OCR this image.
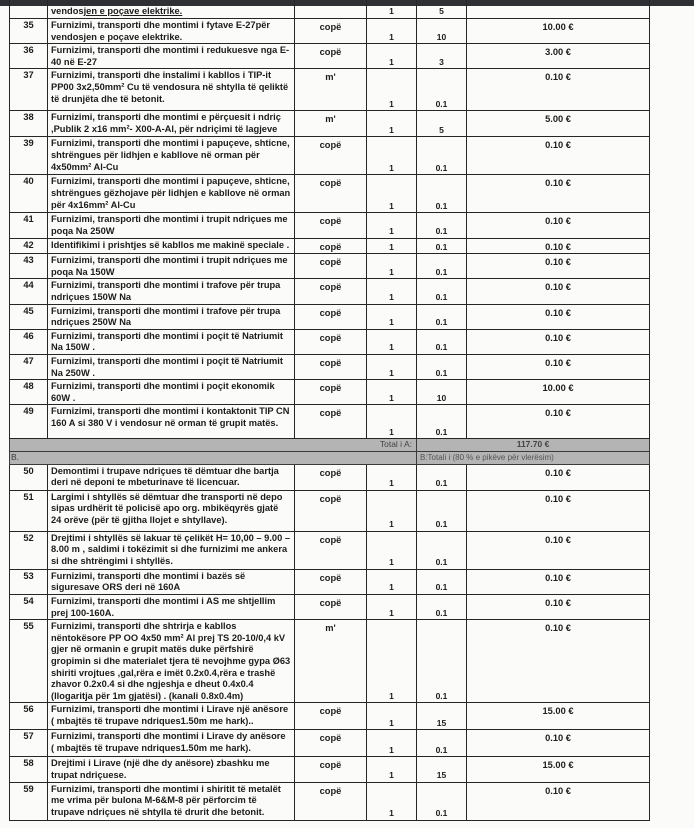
	vendosjen e poçave elektrike.		1	5	
35	Furnizimi, transporti dhe montimi i fytave E-27për vendosjen e poçave elektrike.	copë	1	10	10.00 €
36	Furnizimi, transporti dhe montimi i redukuesve nga E-40 në E-27	copë	1	3	3.00 €
37	Furnizimi, transporti dhe instalimi i kabllos i TIP-it PP00 3x2,50mm² Cu të vendosura në shtylla të qeliktë të drunjëta dhe të betonit.	m'	1	0.1	0.10 €
38	Furnizimi, transporti dhe montimi e përçuesit i ndriç ,Publik 2 x16 mm²- X00-A-Al, për ndriçimi të lagjeve	m'	1	5	5.00 €
39	Furnizimi, transporti dhe montimi i papuçeve, shticne, shtrëngues për lidhjen e kabllove në orman për 4x50mm² Al-Cu	copë	1	0.1	0.10 €
40	Furnizimi, transporti dhe montimi i papuçeve, shticne, shtrëngues gëzhojave për lidhjen e kabllove në orman për 4x16mm² Al-Cu	copë	1	0.1	0.10 €
41	Furnizimi, transporti dhe montimi i trupit ndriçues me poqa Na 250W	copë	1	0.1	0.10 €
42	Identifikimi i prishtjes së kabllos me makinë speciale .	copë	1	0.1	0.10 €
43	Furnizimi, transporti dhe montimi i trupit ndriçues me poqa Na 150W	copë	1	0.1	0.10 €
44	Furnizimi, transporti dhe montimi i trafove për trupa ndriçues 150W Na	copë	1	0.1	0.10 €
45	Furnizimi, transporti dhe montimi i trafove për trupa ndriçues 250W Na	copë	1	0.1	0.10 €
46	Furnizimi, transporti dhe montimi i poçit të Natriumit Na 150W .	copë	1	0.1	0.10 €
47	Furnizimi, transporti dhe montimi i poçit të Natriumit Na 250W .	copë	1	0.1	0.10 €
48	Furnizimi, transporti dhe montimi i poçit ekonomik 60W .	copë	1	10	10.00 €
49	Furnizimi, transporti dhe montimi i kontaktonit TIP CN 160 A si 380 V i vendosur në orman të grupit matës.	copë	1	0.1	0.10 €
Total i A:				117.70 €	
B.				B:Totali i (80 % e pikëve për vlerësim)	
50	Demontimi i trupave ndriçues të dëmtuar dhe bartja deri në deponi te mbeturinave të licencuar.	copë	1	0.1	0.10 €
51	Largimi i shtyllës së dëmtuar dhe transporti në depo sipas urdhërit të policisë apo org. mbikëqyrës gjatë 24 orëve (për të gjitha llojet e shtyllave).	copë	1	0.1	0.10 €
52	Drejtimi i shtyllës së lakuar të çelikët H= 10,00 – 9.00 – 8.00 m , saldimi i tokëzimit si dhe furnizimi me ankera si dhe shtrëngimi i shtyllës.	copë	1	0.1	0.10 €
53	Furnizimi, transporti dhe montimi i bazës së siguresave ORS deri në 160A	copë	1	0.1	0.10 €
54	Furnizimi, transporti dhe montimi i AS me shtjellim prej 100-160A.	copë	1	0.1	0.10 €
55	Furnizimi, transporti dhe shtrirja e kabllos nëntokësore PP OO 4x50 mm² Al prej TS 20-10/0,4 kV gjer në ormanin e grupit matës duke përfshirë gropimin si dhe materialet tjera të nevojhme gypa Ø63 shiriti vrojtues ,gal,rëra e imët 0.2x0.4,rëra e trashë zhavor 0.2x0.4 si dhe ngjeshja e dheut 0.4x0.4 (llogaritja për 1m gjatësi) . (kanali 0.8x0.4m)	m'	1	0.1	0.10 €
56	Furnizimi, transporti dhe montimi i Lirave një anësore ( mbajtës të trupave ndriques1.50m me hark)..	copë	1	15	15.00 €
57	Furnizimi, transporti dhe montimi i Lirave dy anësore ( mbajtës të trupave ndriques1.50m me hark).	copë	1	0.1	0.10 €
58	Drejtimi i Lirave (një dhe dy anësore) zbashku me trupat ndriçuese.	copë	1	15	15.00 €
59	Furnizimi, transporti dhe montimi i shiritit të metalët me vrima për bulona M-6&M-8 për përforcim të trupave ndriçues në shtylla të drurit dhe betonit.	copë	1	0.1	0.10 €
